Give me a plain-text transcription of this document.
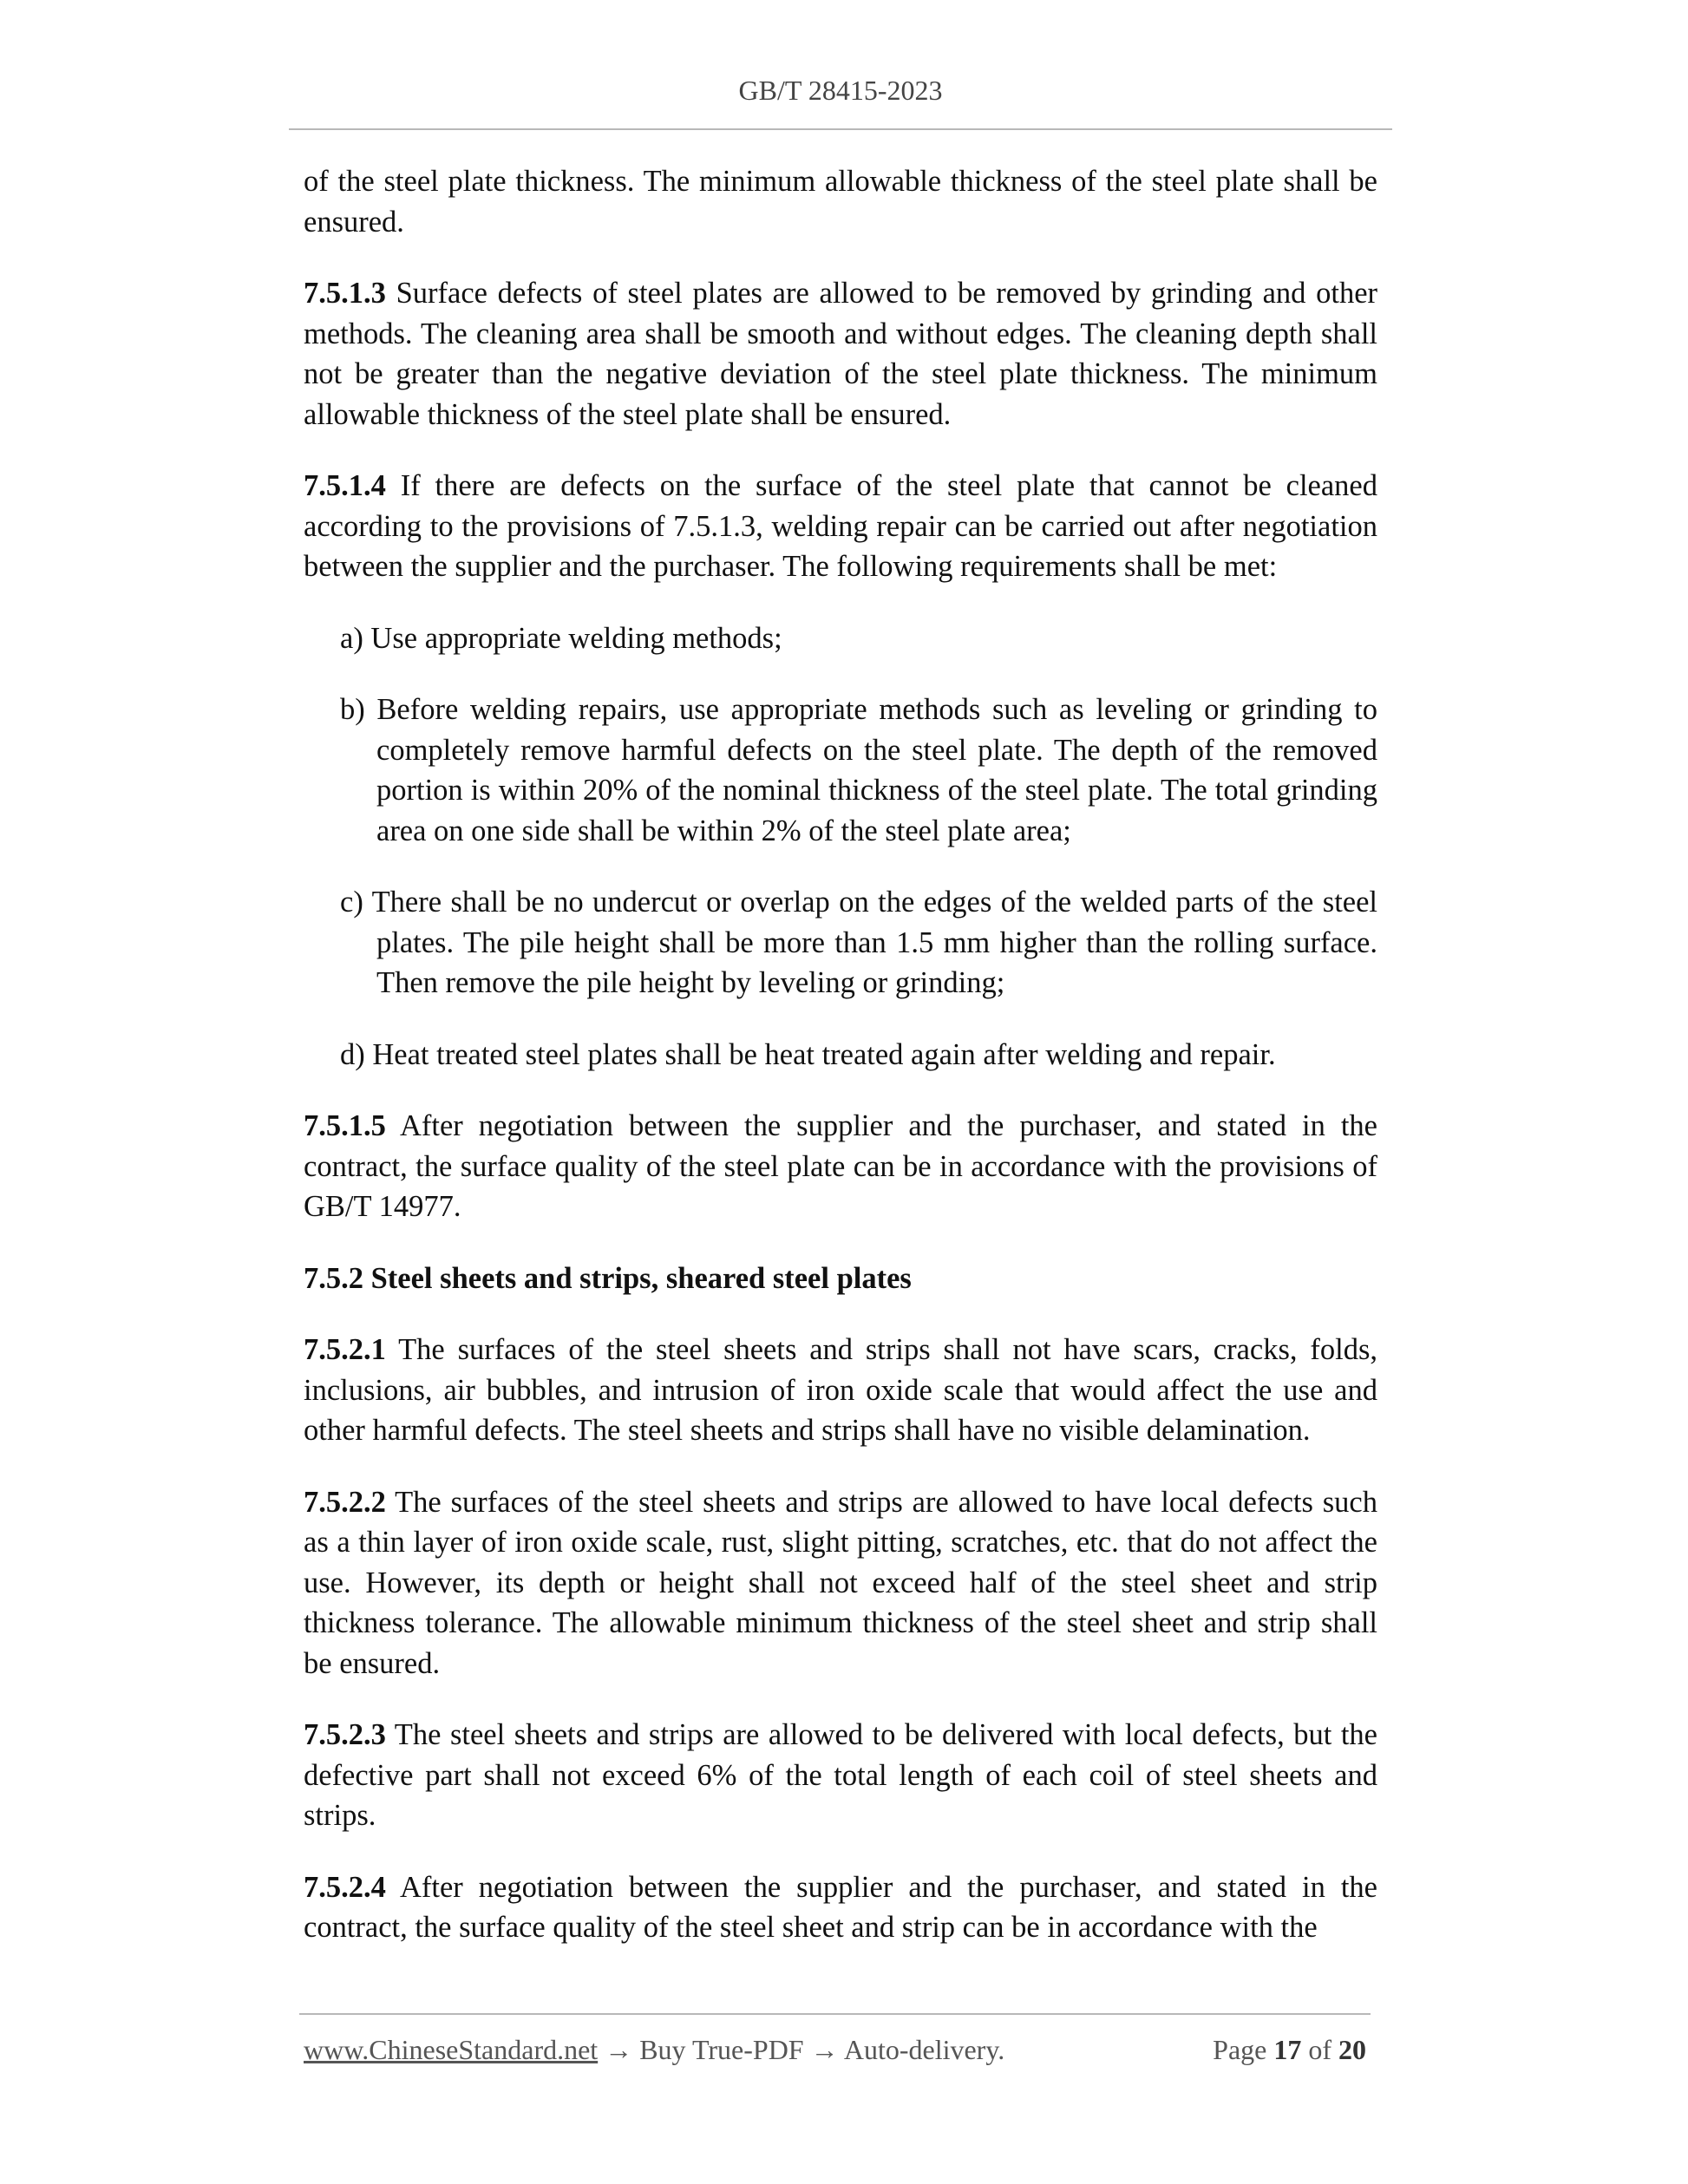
GB/T 28415-2023

of the steel plate thickness. The minimum allowable thickness of the steel plate shall be ensured.

7.5.1.3 Surface defects of steel plates are allowed to be removed by grinding and other methods. The cleaning area shall be smooth and without edges. The cleaning depth shall not be greater than the negative deviation of the steel plate thickness. The minimum allowable thickness of the steel plate shall be ensured.

7.5.1.4 If there are defects on the surface of the steel plate that cannot be cleaned according to the provisions of 7.5.1.3, welding repair can be carried out after negotiation between the supplier and the purchaser. The following requirements shall be met:

a) Use appropriate welding methods;

b) Before welding repairs, use appropriate methods such as leveling or grinding to completely remove harmful defects on the steel plate. The depth of the removed portion is within 20% of the nominal thickness of the steel plate. The total grinding area on one side shall be within 2% of the steel plate area;

c) There shall be no undercut or overlap on the edges of the welded parts of the steel plates. The pile height shall be more than 1.5 mm higher than the rolling surface. Then remove the pile height by leveling or grinding;

d) Heat treated steel plates shall be heat treated again after welding and repair.

7.5.1.5 After negotiation between the supplier and the purchaser, and stated in the contract, the surface quality of the steel plate can be in accordance with the provisions of GB/T 14977.

7.5.2 Steel sheets and strips, sheared steel plates

7.5.2.1 The surfaces of the steel sheets and strips shall not have scars, cracks, folds, inclusions, air bubbles, and intrusion of iron oxide scale that would affect the use and other harmful defects. The steel sheets and strips shall have no visible delamination.

7.5.2.2 The surfaces of the steel sheets and strips are allowed to have local defects such as a thin layer of iron oxide scale, rust, slight pitting, scratches, etc. that do not affect the use. However, its depth or height shall not exceed half of the steel sheet and strip thickness tolerance. The allowable minimum thickness of the steel sheet and strip shall be ensured.

7.5.2.3 The steel sheets and strips are allowed to be delivered with local defects, but the defective part shall not exceed 6% of the total length of each coil of steel sheets and strips.

7.5.2.4 After negotiation between the supplier and the purchaser, and stated in the contract, the surface quality of the steel sheet and strip can be in accordance with the

www.ChineseStandard.net → Buy True-PDF → Auto-delivery.	Page 17 of 20
